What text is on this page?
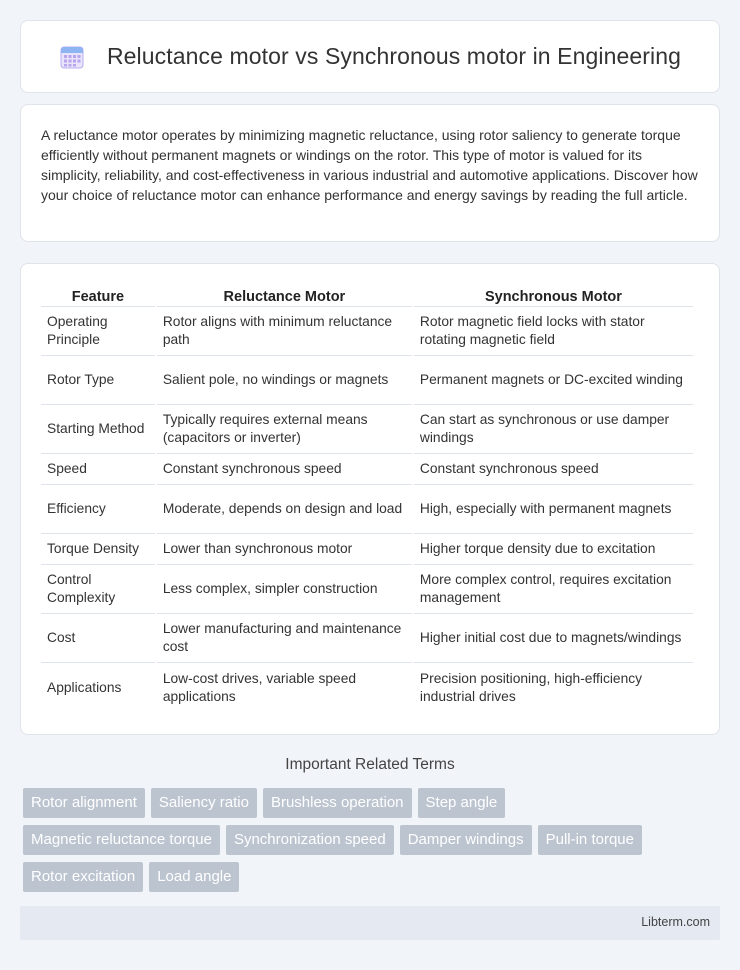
Reluctance motor vs Synchronous motor in Engineering

A reluctance motor operates by minimizing magnetic reluctance, using rotor saliency to generate torque efficiently without permanent magnets or windings on the rotor. This type of motor is valued for its simplicity, reliability, and cost-effectiveness in various industrial and automotive applications. Discover how your choice of reluctance motor can enhance performance and energy savings by reading the full article.

Feature	Reluctance Motor	Synchronous Motor
Operating Principle	Rotor aligns with minimum reluctance path	Rotor magnetic field locks with stator rotating magnetic field
Rotor Type	Salient pole, no windings or magnets	Permanent magnets or DC-excited winding
Starting Method	Typically requires external means (capacitors or inverter)	Can start as synchronous or use damper windings
Speed	Constant synchronous speed	Constant synchronous speed
Efficiency	Moderate, depends on design and load	High, especially with permanent magnets
Torque Density	Lower than synchronous motor	Higher torque density due to excitation
Control Complexity	Less complex, simpler construction	More complex control, requires excitation management
Cost	Lower manufacturing and maintenance cost	Higher initial cost due to magnets/windings
Applications	Low-cost drives, variable speed applications	Precision positioning, high-efficiency industrial drives
Important Related Terms
Rotor alignment	Saliency ratio	Brushless operation	Step angle
Magnetic reluctance torque	Synchronization speed	Damper windings	Pull-in torque
Rotor excitation	Load angle
Libterm.com
